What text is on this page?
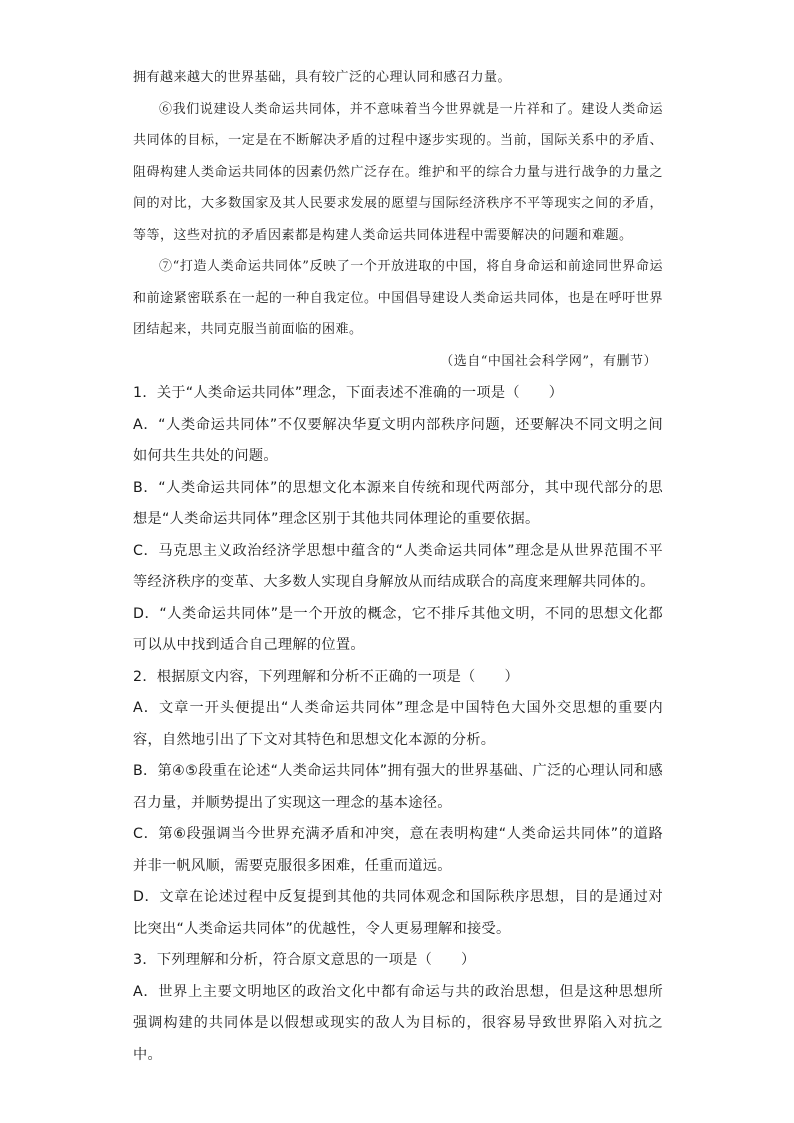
拥有越来越大的世界基础，具有较广泛的心理认同和感召力量。

⑥我们说建设人类命运共同体，并不意味着当今世界就是一片祥和了。建设人类命运共同体的目标，一定是在不断解决矛盾的过程中逐步实现的。当前，国际关系中的矛盾、阻碍构建人类命运共同体的因素仍然广泛存在。维护和平的综合力量与进行战争的力量之间的对比，大多数国家及其人民要求发展的愿望与国际经济秩序不平等现实之间的矛盾，等等，这些对抗的矛盾因素都是构建人类命运共同体进程中需要解决的问题和难题。

⑦“打造人类命运共同体”反映了一个开放进取的中国，将自身命运和前途同世界命运和前途紧密联系在一起的一种自我定位。中国倡导建设人类命运共同体，也是在呼吁世界团结起来，共同克服当前面临的困难。

（选自“中国社会科学网”，有删节）

1．关于“人类命运共同体”理念，下面表述不准确的一项是（　　）

A．“人类命运共同体”不仅要解决华夏文明内部秩序问题，还要解决不同文明之间如何共生共处的问题。

B．“人类命运共同体”的思想文化本源来自传统和现代两部分，其中现代部分的思想是“人类命运共同体”理念区别于其他共同体理论的重要依据。

C．马克思主义政治经济学思想中蕴含的“人类命运共同体”理念是从世界范围不平等经济秩序的变革、大多数人实现自身解放从而结成联合的高度来理解共同体的。

D．“人类命运共同体”是一个开放的概念，它不排斥其他文明，不同的思想文化都可以从中找到适合自己理解的位置。

2．根据原文内容，下列理解和分析不正确的一项是（　　）

A．文章一开头便提出“人类命运共同体”理念是中国特色大国外交思想的重要内容，自然地引出了下文对其特色和思想文化本源的分析。

B．第④⑤段重在论述“人类命运共同体”拥有强大的世界基础、广泛的心理认同和感召力量，并顺势提出了实现这一理念的基本途径。

C．第⑥段强调当今世界充满矛盾和冲突，意在表明构建“人类命运共同体”的道路并非一帆风顺，需要克服很多困难，任重而道远。

D．文章在论述过程中反复提到其他的共同体观念和国际秩序思想，目的是通过对比突出“人类命运共同体”的优越性，令人更易理解和接受。

3．下列理解和分析，符合原文意思的一项是（　　）

A．世界上主要文明地区的政治文化中都有命运与共的政治思想，但是这种思想所强调构建的共同体是以假想或现实的敌人为目标的，很容易导致世界陷入对抗之中。
